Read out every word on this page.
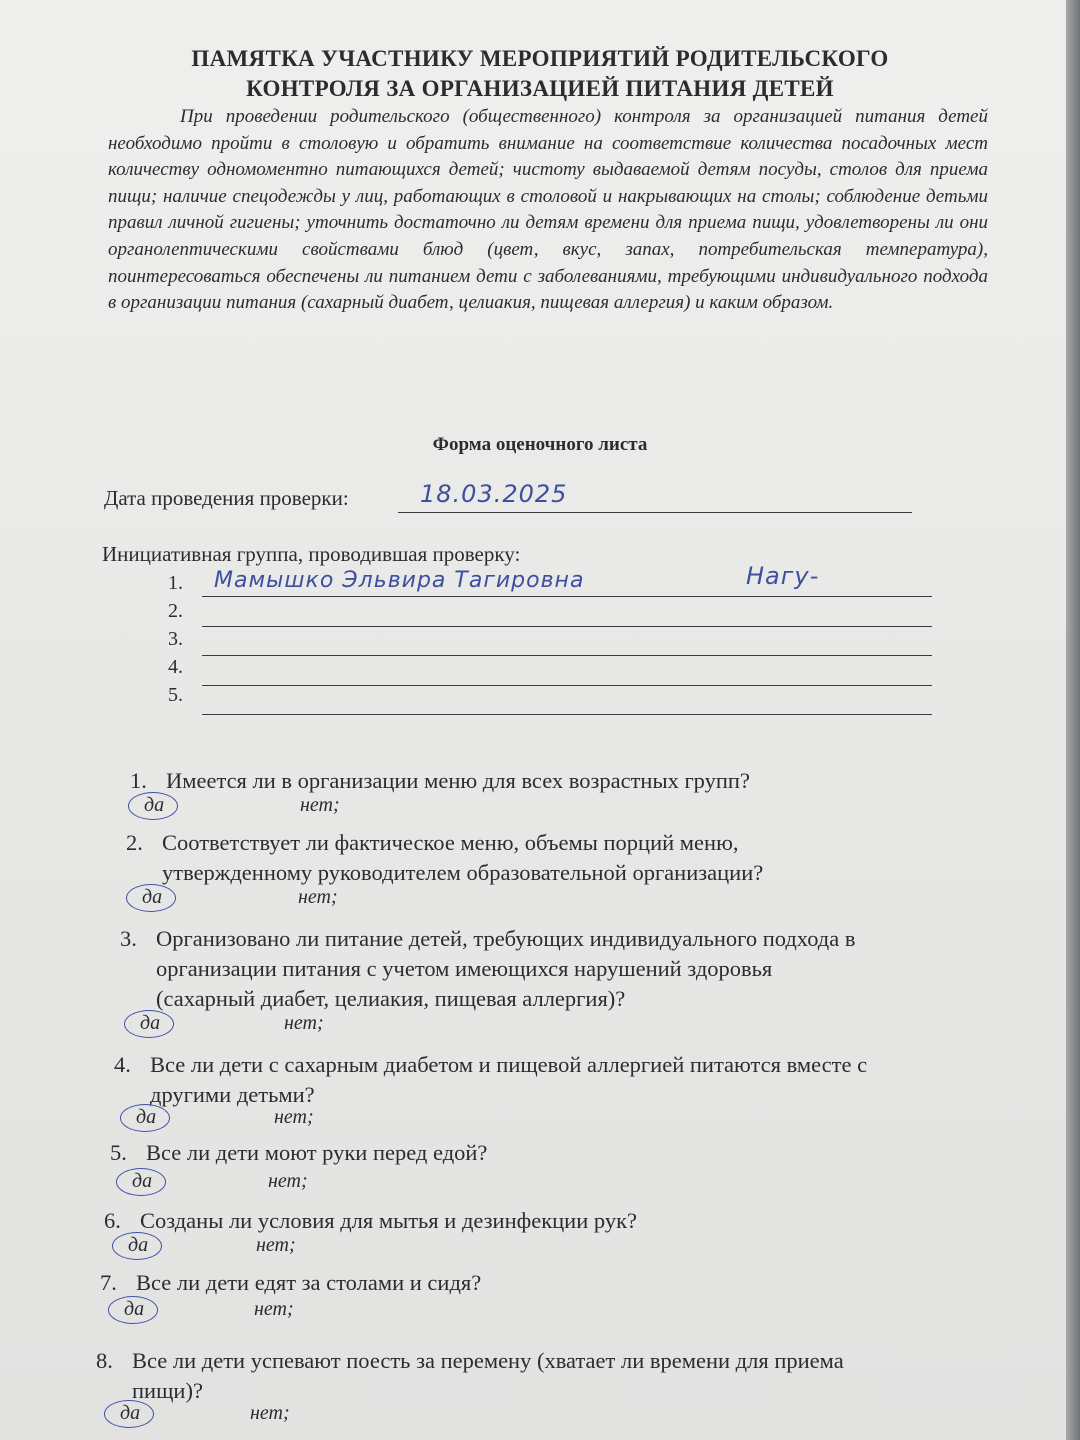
ПАМЯТКА УЧАСТНИКУ МЕРОПРИЯТИЙ РОДИТЕЛЬСКОГО
КОНТРОЛЯ ЗА ОРГАНИЗАЦИЕЙ ПИТАНИЯ ДЕТЕЙ

При проведении родительского (общественного) контроля за организацией питания детей необходимо пройти в столовую и обратить внимание на соответствие количества посадочных мест количеству одномоментно питающихся детей; чистоту выдаваемой детям посуды, столов для приема пищи; наличие спецодежды у лиц, работающих в столовой и накрывающих на столы; соблюдение детьми правил личной гигиены; уточнить достаточно ли детям времени для приема пищи, удовлетворены ли они органолептическими свойствами блюд (цвет, вкус, запах, потребительская температура), поинтересоваться обеспечены ли питанием дети с заболеваниями, требующими индивидуального подхода в организации питания (сахарный диабет, целиакия, пищевая аллергия) и каким образом.

Форма оценочного листа
Дата проведения проверки:	18.03.2025
Инициативная группа, проводившая проверку:
1. Мамышко Эльвира Тагировна	Нагу-
2.
3.
4.
5.
1. Имеется ли в организации меню для всех возрастных групп?
да	нет;
2. Соответствует ли фактическое меню, объемы порций меню,
утвержденному руководителем образовательной организации?
да	нет;
3. Организовано ли питание детей, требующих индивидуального подхода в
организации питания с учетом имеющихся нарушений здоровья
(сахарный диабет, целиакия, пищевая аллергия)?
да	нет;
4. Все ли дети с сахарным диабетом и пищевой аллергией питаются вместе с
другими детьми?
да	нет;
5. Все ли дети моют руки перед едой?
да	нет;
6. Созданы ли условия для мытья и дезинфекции рук?
да	нет;
7. Все ли дети едят за столами и сидя?
да	нет;
8. Все ли дети успевают поесть за перемену (хватает ли времени для приема
пищи)?
да	нет;
